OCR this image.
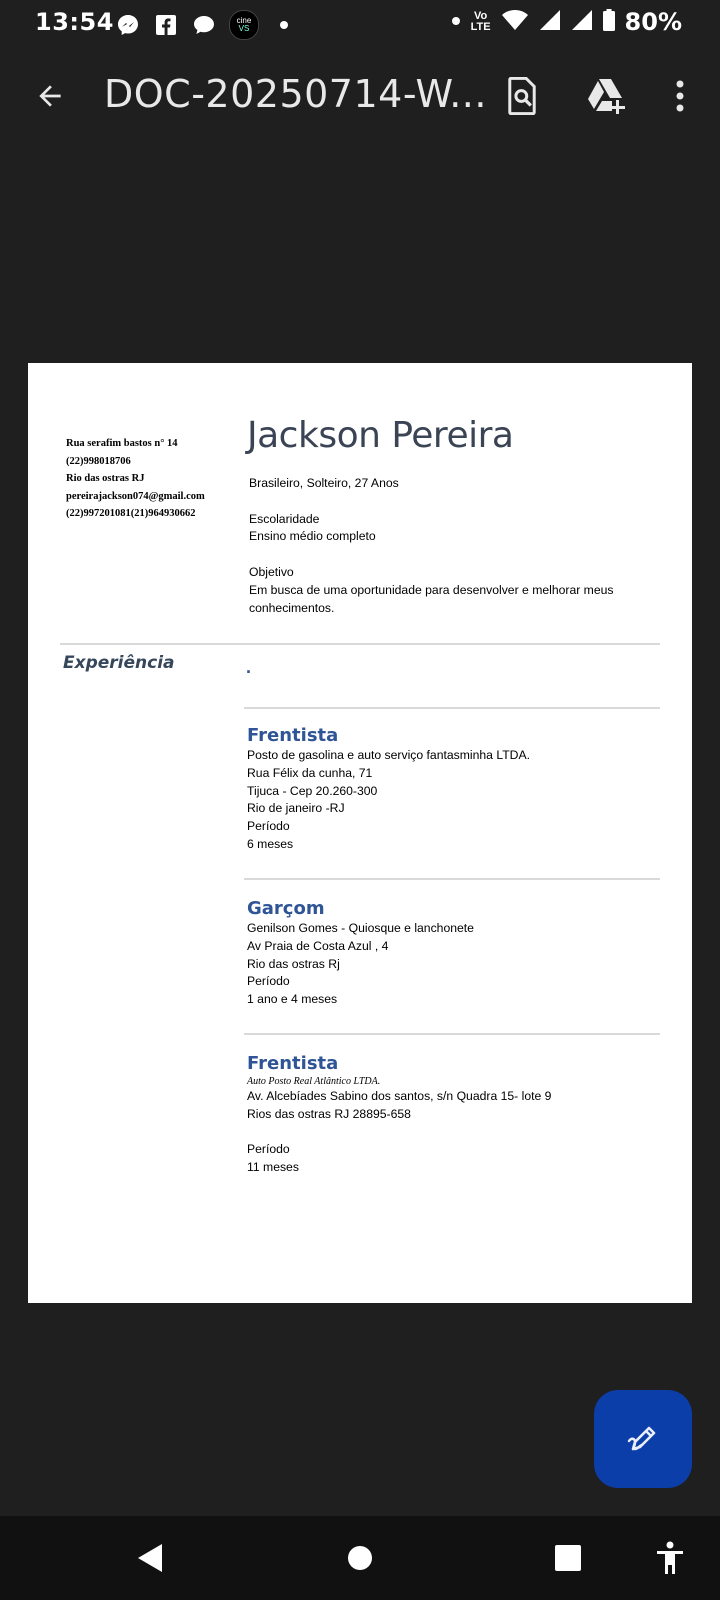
13:54	cine
VS
Vo
LTE	80%
DOC-20250714-W...
Rua serafim bastos n° 14
(22)998018706
Rio das ostras RJ
pereirajackson074@gmail.com
(22)997201081(21)964930662
Jackson Pereira

Brasileiro, Solteiro, 27 Anos

Escolaridade

Ensino médio completo

Objetivo

Em busca de uma oportunidade para desenvolver e melhorar meus conhecimentos.

Experiência	.

Frentista

Posto de gasolina e auto serviço fantasminha LTDA.

Rua Félix da cunha, 71

Tijuca - Cep 20.260-300

Rio de janeiro -RJ

Período

6 meses

Garçom

Genilson Gomes - Quiosque e lanchonete

Av Praia de Costa Azul , 4

Rio das ostras Rj

Período

1 ano e 4 meses

Frentista

Auto Posto Real Atlântico LTDA.

Av. Alcebíades Sabino dos santos, s/n Quadra 15- lote 9

Rios das ostras RJ 28895-658

Período

11 meses
